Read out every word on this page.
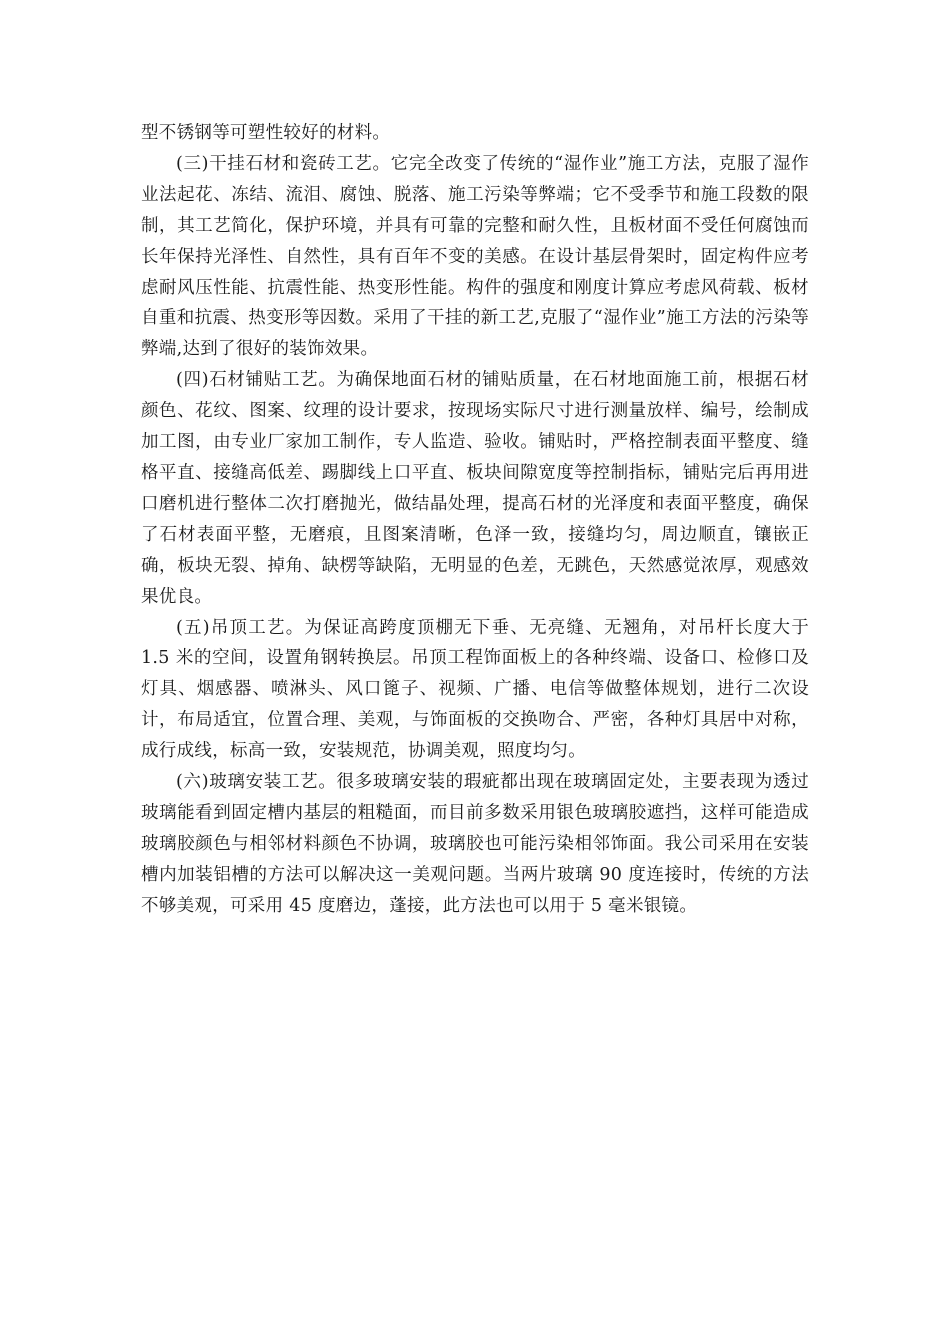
型不锈钢等可塑性较好的材料。

(三)干挂石材和瓷砖工艺。它完全改变了传统的“湿作业”施工方法，克服了湿作业法起花、冻结、流泪、腐蚀、脱落、施工污染等弊端；它不受季节和施工段数的限制，其工艺简化，保护环境，并具有可靠的完整和耐久性，且板材面不受任何腐蚀而长年保持光泽性、自然性，具有百年不变的美感。在设计基层骨架时，固定构件应考虑耐风压性能、抗震性能、热变形性能。构件的强度和刚度计算应考虑风荷载、板材自重和抗震、热变形等因数。采用了干挂的新工艺,克服了“湿作业”施工方法的污染等弊端,达到了很好的装饰效果。

(四)石材铺贴工艺。为确保地面石材的铺贴质量，在石材地面施工前，根据石材颜色、花纹、图案、纹理的设计要求，按现场实际尺寸进行测量放样、编号，绘制成加工图，由专业厂家加工制作，专人监造、验收。铺贴时，严格控制表面平整度、缝格平直、接缝高低差、踢脚线上口平直、板块间隙宽度等控制指标，铺贴完后再用进口磨机进行整体二次打磨抛光，做结晶处理，提高石材的光泽度和表面平整度，确保了石材表面平整，无磨痕，且图案清晰，色泽一致，接缝均匀，周边顺直，镶嵌正确，板块无裂、掉角、缺楞等缺陷，无明显的色差，无跳色，天然感觉浓厚，观感效果优良。

(五)吊顶工艺。为保证高跨度顶棚无下垂、无亮缝、无翘角，对吊杆长度大于 1.5 米的空间，设置角钢转换层。吊顶工程饰面板上的各种终端、设备口、检修口及灯具、烟感器、喷淋头、风口篦子、视频、广播、电信等做整体规划，进行二次设计，布局适宜，位置合理、美观，与饰面板的交换吻合、严密，各种灯具居中对称，成行成线，标高一致，安装规范，协调美观，照度均匀。

(六)玻璃安装工艺。很多玻璃安装的瑕疵都出现在玻璃固定处，主要表现为透过玻璃能看到固定槽内基层的粗糙面，而目前多数采用银色玻璃胶遮挡，这样可能造成玻璃胶颜色与相邻材料颜色不协调，玻璃胶也可能污染相邻饰面。我公司采用在安装槽内加装铝槽的方法可以解决这一美观问题。当两片玻璃 90 度连接时，传统的方法不够美观，可采用 45 度磨边，蓬接，此方法也可以用于 5 毫米银镜。
